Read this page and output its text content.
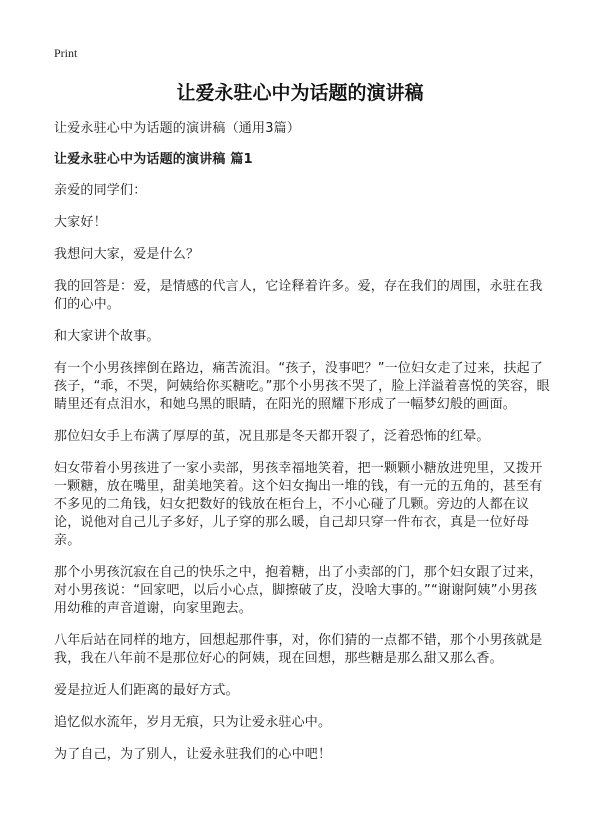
Print
让爱永驻心中为话题的演讲稿

让爱永驻心中为话题的演讲稿（通用3篇）

让爱永驻心中为话题的演讲稿 篇1

亲爱的同学们：

大家好！

我想问大家，爱是什么？

我的回答是：爱，是情感的代言人，它诠释着许多。爱，存在我们的周围，永驻在我们的心中。

和大家讲个故事。

有一个小男孩摔倒在路边，痛苦流泪。“孩子，没事吧？”一位妇女走了过来，扶起了孩子，“乖，不哭，阿姨给你买糖吃。”那个小男孩不哭了，脸上洋溢着喜悦的笑容，眼睛里还有点泪水，和她乌黑的眼睛，在阳光的照耀下形成了一幅梦幻般的画面。

那位妇女手上布满了厚厚的茧，况且那是冬天都开裂了，泛着恐怖的红晕。

妇女带着小男孩进了一家小卖部，男孩幸福地笑着，把一颗颗小糖放进兜里，又拨开一颗糖，放在嘴里，甜美地笑着。这个妇女掏出一堆的钱，有一元的五角的，甚至有不多见的二角钱，妇女把数好的钱放在柜台上，不小心碰了几颗。旁边的人都在议论，说他对自己儿子多好，儿子穿的那么暖，自己却只穿一件布衣，真是一位好母亲。

那个小男孩沉寂在自己的快乐之中，抱着糖，出了小卖部的门，那个妇女跟了过来，对小男孩说：“回家吧，以后小心点，脚擦破了皮，没啥大事的。”“谢谢阿姨”小男孩用幼稚的声音道谢，向家里跑去。

八年后站在同样的地方，回想起那件事，对，你们猜的一点都不错，那个小男孩就是我，我在八年前不是那位好心的阿姨，现在回想，那些糖是那么甜又那么香。

爱是拉近人们距离的最好方式。

追忆似水流年，岁月无痕，只为让爱永驻心中。

为了自己，为了别人，让爱永驻我们的心中吧！
